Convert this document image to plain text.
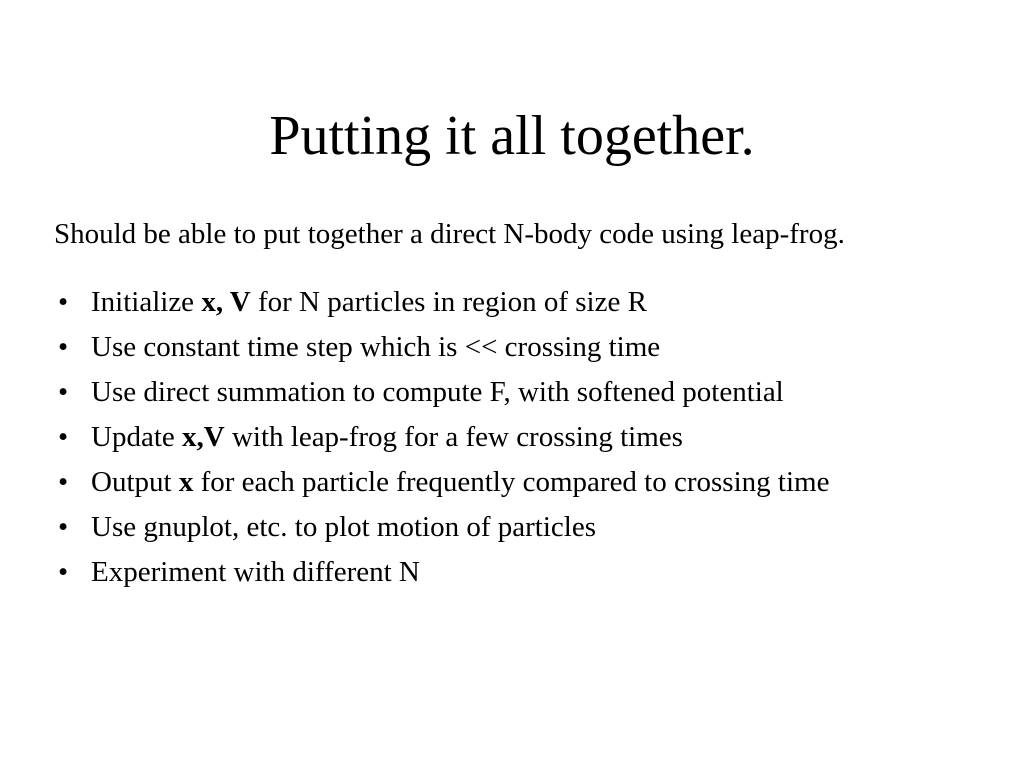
Putting it all together.

Should be able to put together a direct N-body code using leap-frog.

• Initialize x, V for N particles in region of size R
• Use constant time step which is << crossing time
• Use direct summation to compute F, with softened potential
• Update x,V with leap-frog for a few crossing times
• Output x for each particle frequently compared to crossing time
• Use gnuplot, etc. to plot motion of particles
• Experiment with different N
